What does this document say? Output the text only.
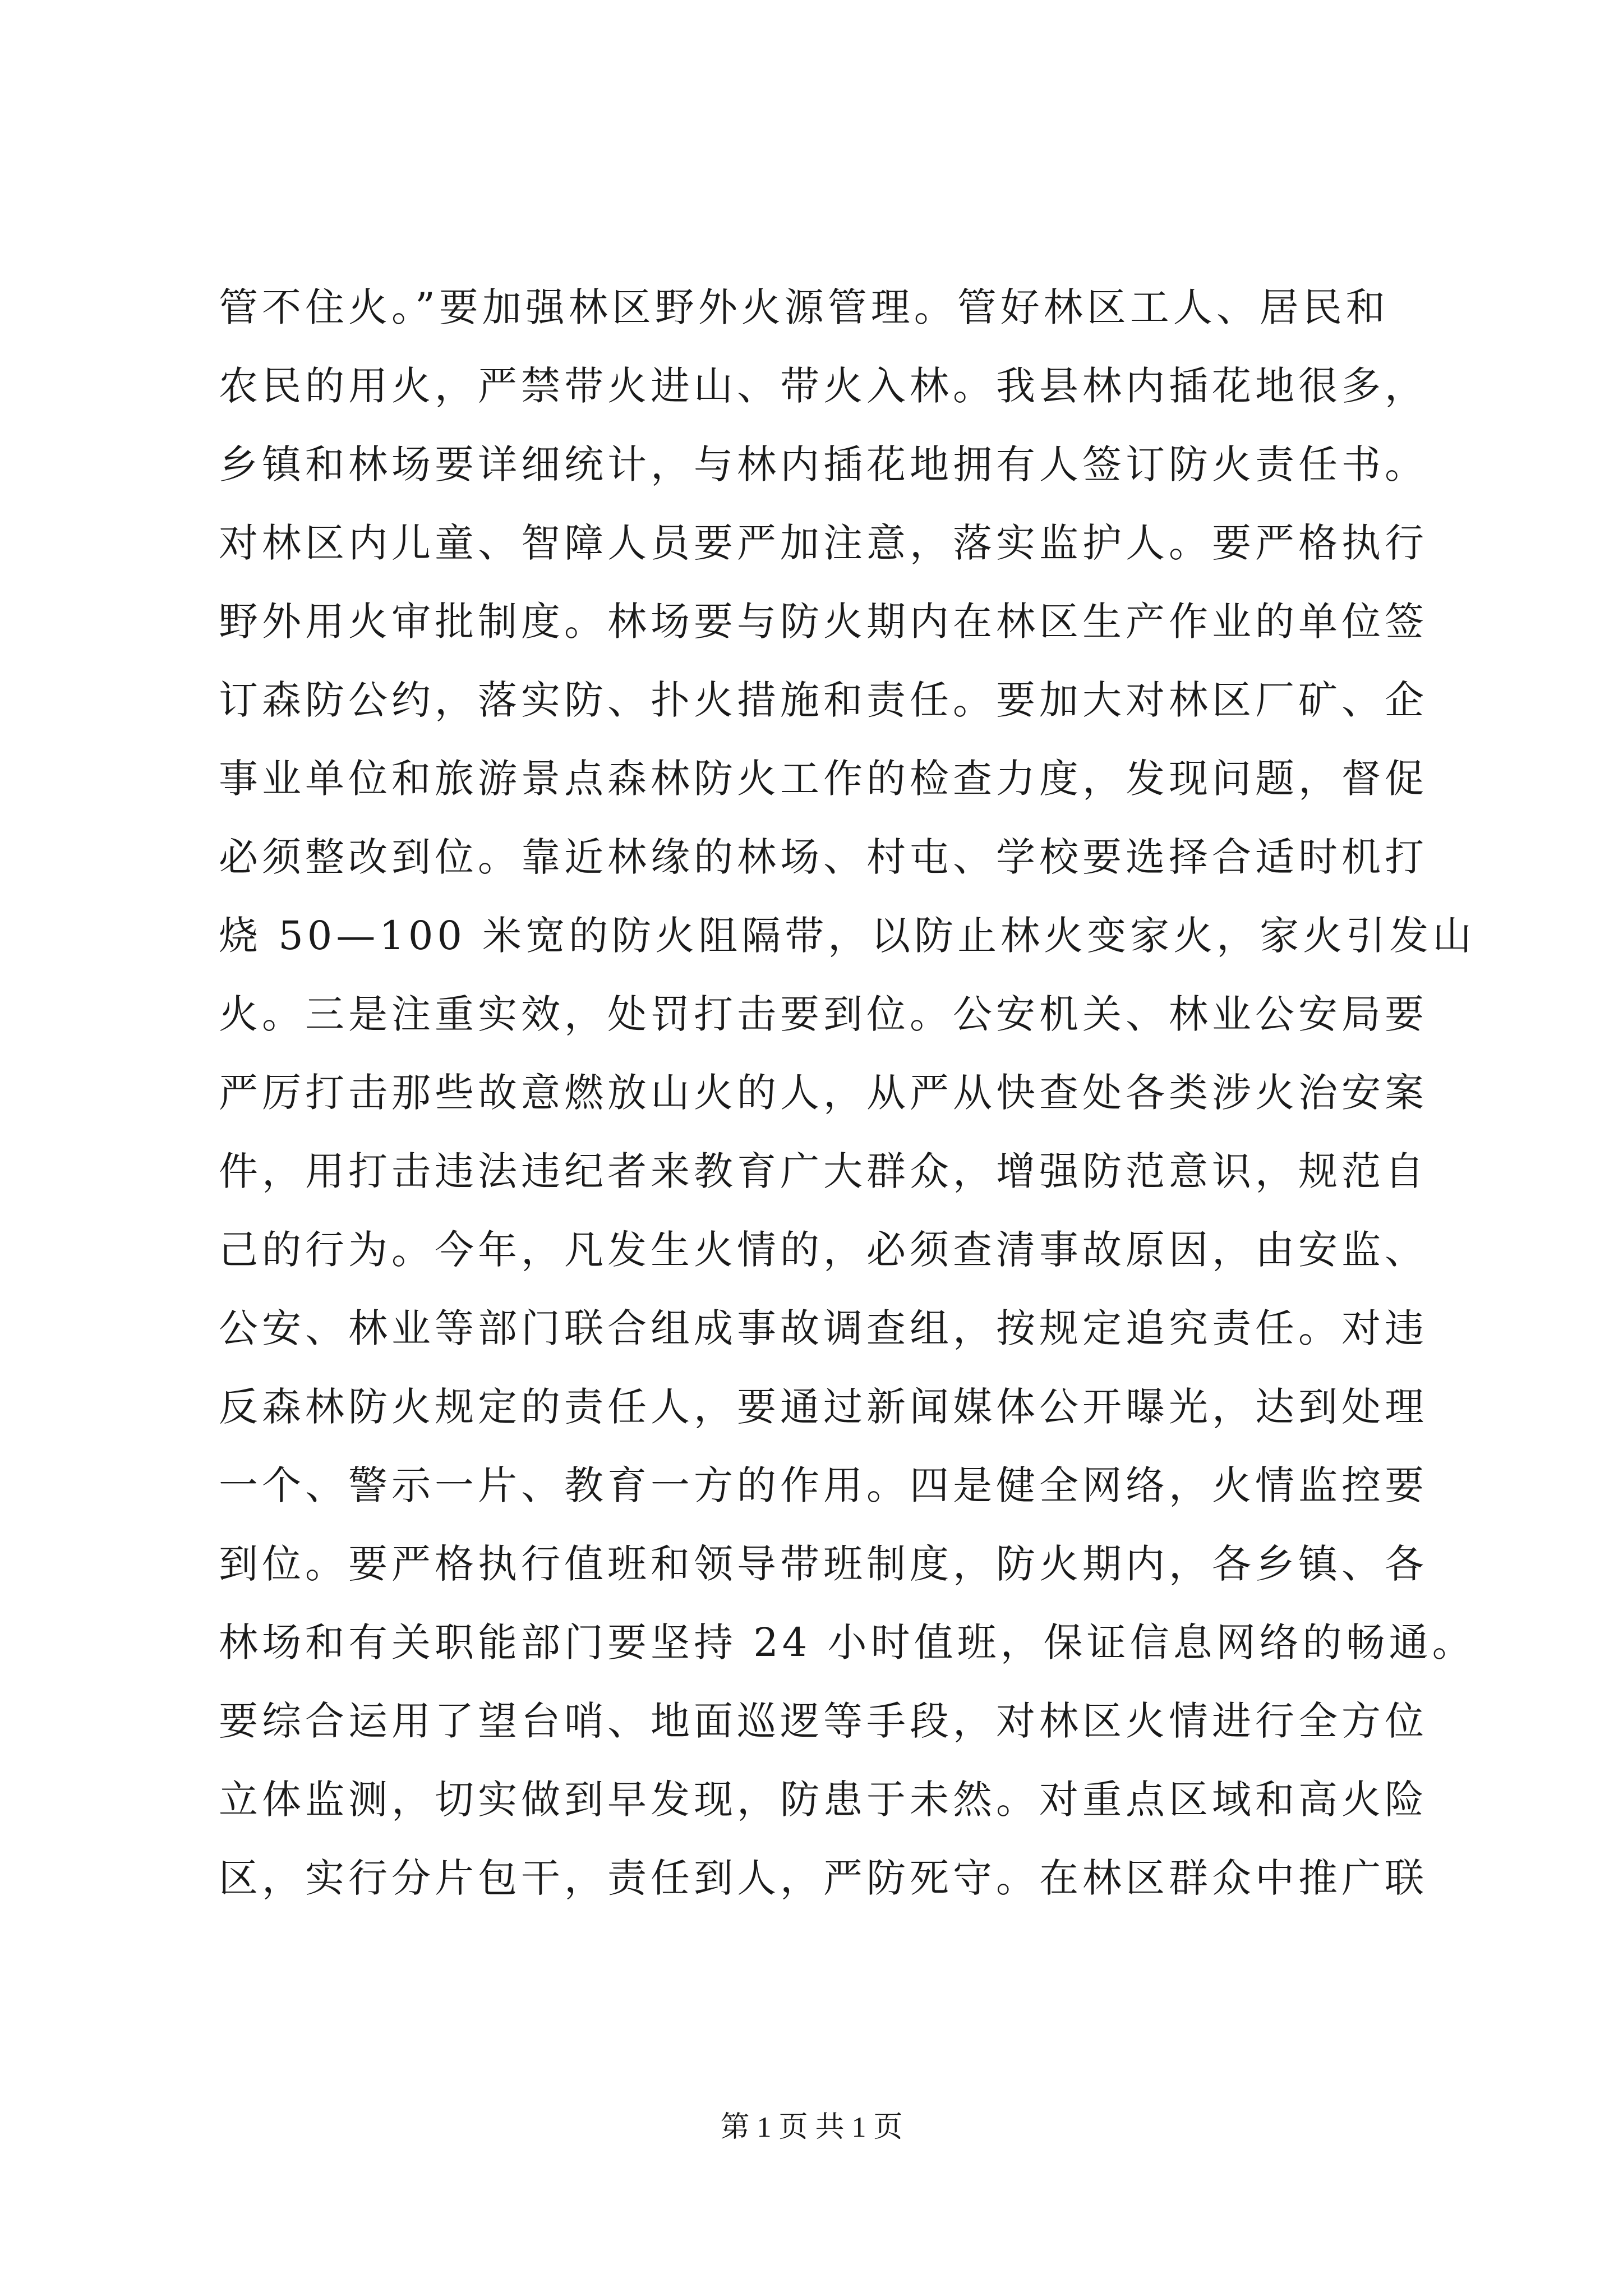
管不住火。”要加强林区野外火源管理。管好林区工人、居民和
农民的用火，严禁带火进山、带火入林。我县林内插花地很多，
乡镇和林场要详细统计，与林内插花地拥有人签订防火责任书。
对林区内儿童、智障人员要严加注意，落实监护人。要严格执行
野外用火审批制度。林场要与防火期内在林区生产作业的单位签
订森防公约，落实防、扑火措施和责任。要加大对林区厂矿、企
事业单位和旅游景点森林防火工作的检查力度，发现问题，督促
必须整改到位。靠近林缘的林场、村屯、学校要选择合适时机打
烧 50—100 米宽的防火阻隔带，以防止林火变家火，家火引发山
火。三是注重实效，处罚打击要到位。公安机关、林业公安局要
严厉打击那些故意燃放山火的人，从严从快查处各类涉火治安案
件，用打击违法违纪者来教育广大群众，增强防范意识，规范自
己的行为。今年，凡发生火情的，必须查清事故原因，由安监、
公安、林业等部门联合组成事故调查组，按规定追究责任。对违
反森林防火规定的责任人，要通过新闻媒体公开曝光，达到处理
一个、警示一片、教育一方的作用。四是健全网络，火情监控要
到位。要严格执行值班和领导带班制度，防火期内，各乡镇、各
林场和有关职能部门要坚持 24 小时值班，保证信息网络的畅通。
要综合运用了望台哨、地面巡逻等手段，对林区火情进行全方位
立体监测，切实做到早发现，防患于未然。对重点区域和高火险
区，实行分片包干，责任到人，严防死守。在林区群众中推广联
第 1 页 共 1 页
